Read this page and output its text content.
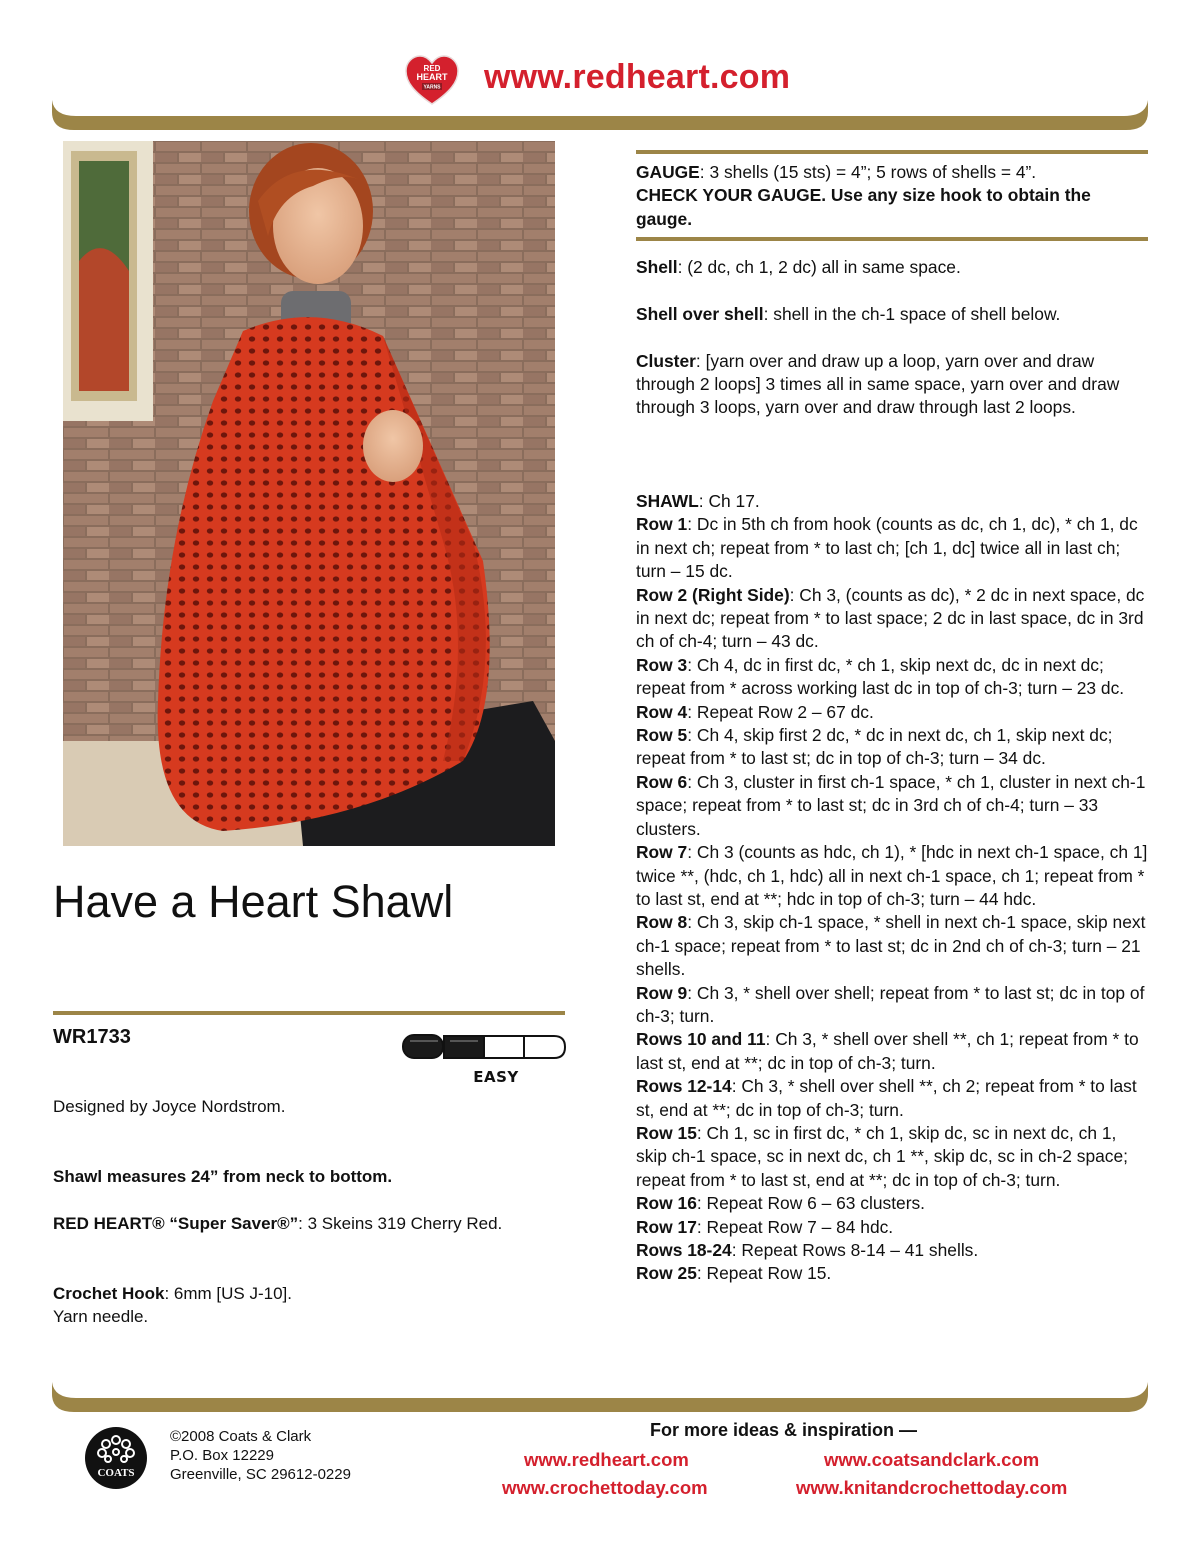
RED
HEART
YARNS www.redheart.com
Have a Heart Shawl
WR1733
EASY
Designed by Joyce Nordstrom.
Shawl measures 24” from neck to bottom.
RED HEART® “Super Saver®”: 3 Skeins 319 Cherry Red.
Crochet Hook: 6mm [US J-10].
Yarn needle.

GAUGE: 3 shells (15 sts) = 4”; 5 rows of shells = 4”.

CHECK YOUR GAUGE. Use any size hook to obtain the gauge.

Shell: (2 dc, ch 1, 2 dc) all in same space.

Shell over shell: shell in the ch-1 space of shell below.

Cluster: [yarn over and draw up a loop, yarn over and draw through 2 loops] 3 times all in same space, yarn over and draw through 3 loops, yarn over and draw through last 2 loops.

SHAWL: Ch 17.

Row 1: Dc in 5th ch from hook (counts as dc, ch 1, dc), * ch 1, dc in next ch; repeat from * to last ch; [ch 1, dc] twice all in last ch; turn – 15 dc.

Row 2 (Right Side): Ch 3, (counts as dc), * 2 dc in next space, dc in next dc; repeat from * to last space; 2 dc in last space, dc in 3rd ch of ch-4; turn – 43 dc.

Row 3: Ch 4, dc in first dc, * ch 1, skip next dc, dc in next dc; repeat from * across working last dc in top of ch-3; turn – 23 dc.

Row 4: Repeat Row 2 – 67 dc.

Row 5: Ch 4, skip first 2 dc, * dc in next dc, ch 1, skip next dc; repeat from * to last st; dc in top of ch-3; turn – 34 dc.

Row 6: Ch 3, cluster in first ch-1 space, * ch 1, cluster in next ch-1 space; repeat from * to last st; dc in 3rd ch of ch-4; turn – 33 clusters.

Row 7: Ch 3 (counts as hdc, ch 1), * [hdc in next ch-1 space, ch 1] twice **, (hdc, ch 1, hdc) all in next ch-1 space, ch 1; repeat from * to last st, end at **; hdc in top of ch-3; turn – 44 hdc.

Row 8: Ch 3, skip ch-1 space, * shell in next ch-1 space, skip next ch-1 space; repeat from * to last st; dc in 2nd ch of ch-3; turn – 21 shells.

Row 9: Ch 3, * shell over shell; repeat from * to last st; dc in top of ch-3; turn.

Rows 10 and 11: Ch 3, * shell over shell **, ch 1; repeat from * to last st, end at **; dc in top of ch-3; turn.

Rows 12-14: Ch 3, * shell over shell **, ch 2; repeat from * to last st, end at **; dc in top of ch-3; turn.

Row 15: Ch 1, sc in first dc, * ch 1, skip dc, sc in next dc, ch 1, skip ch-1 space, sc in next dc, ch 1 **, skip dc, sc in ch-2 space; repeat from * to last st, end at **; dc in top of ch-3; turn.

Row 16: Repeat Row 6 – 63 clusters.

Row 17: Repeat Row 7 – 84 hdc.

Rows 18-24: Repeat Rows 8-14 – 41 shells.

Row 25: Repeat Row 15.

COATS
©2008 Coats & Clark
P.O. Box 12229
Greenville, SC 29612-0229
For more ideas & inspiration —
www.redheart.com	www.coatsandclark.com
www.crochettoday.com	www.knitandcrochettoday.com
